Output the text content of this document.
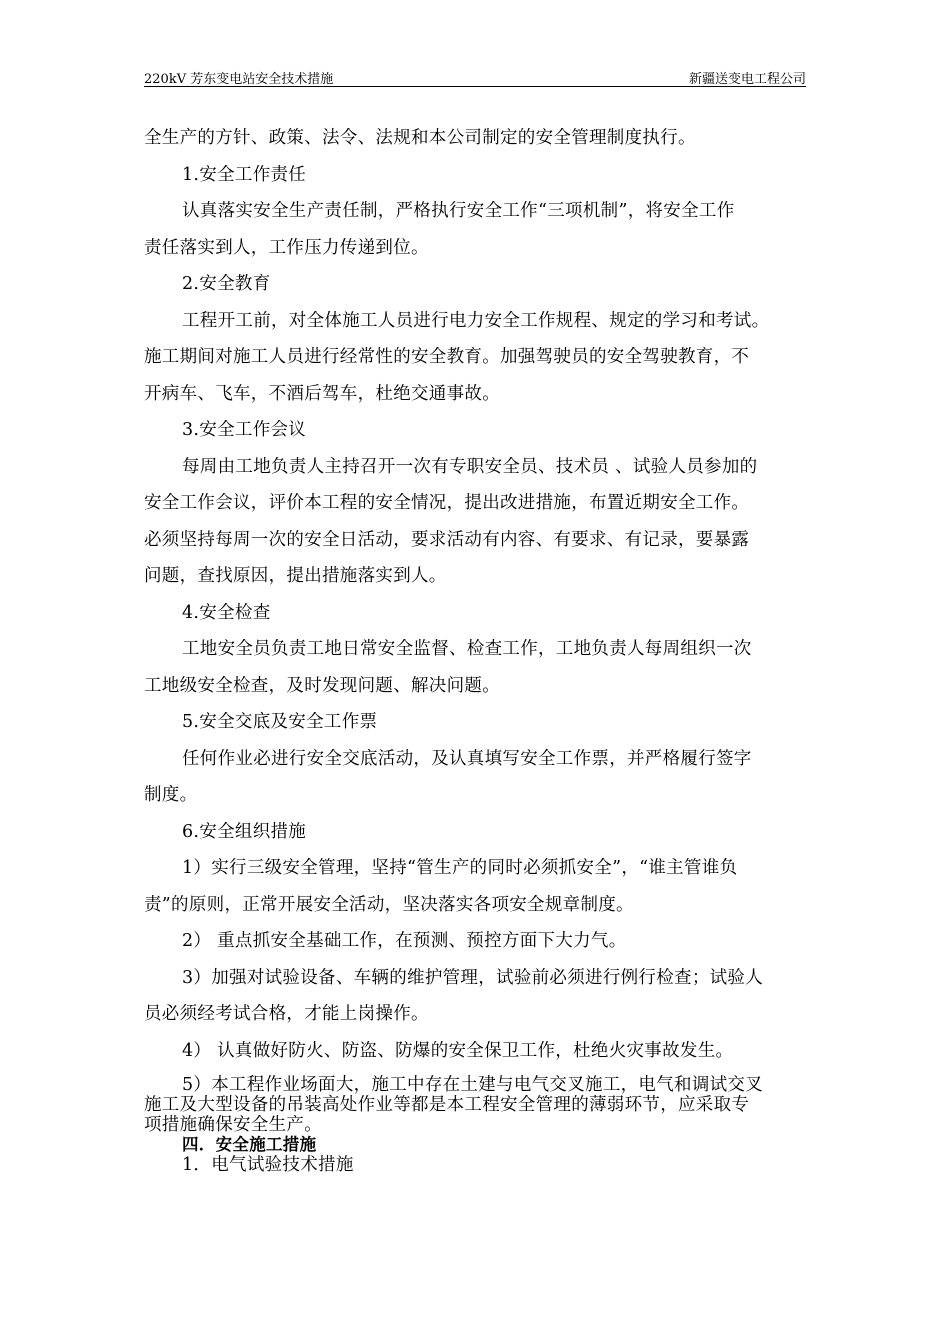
220kV 芳东变电站安全技术措施	新疆送变电工程公司
全生产的方针、政策、法令、法规和本公司制定的安全管理制度执行。
1.安全工作责任
认真落实安全生产责任制，严格执行安全工作“三项机制”，将安全工作
责任落实到人，工作压力传递到位。
2.安全教育
工程开工前，对全体施工人员进行电力安全工作规程、规定的学习和考试。
施工期间对施工人员进行经常性的安全教育。加强驾驶员的安全驾驶教育，不
开病车、飞车，不酒后驾车，杜绝交通事故。
3.安全工作会议
每周由工地负责人主持召开一次有专职安全员、技术员 、试验人员参加的
安全工作会议，评价本工程的安全情况，提出改进措施，布置近期安全工作。
必须坚持每周一次的安全日活动，要求活动有内容、有要求、有记录，要暴露
问题，查找原因，提出措施落实到人。
4.安全检查
工地安全员负责工地日常安全监督、检查工作，工地负责人每周组织一次
工地级安全检查，及时发现问题、解决问题。
5.安全交底及安全工作票
任何作业必进行安全交底活动，及认真填写安全工作票，并严格履行签字
制度。
6.安全组织措施
1）实行三级安全管理，坚持“管生产的同时必须抓安全”，“谁主管谁负
责”的原则，正常开展安全活动，坚决落实各项安全规章制度。
2） 重点抓安全基础工作，在预测、预控方面下大力气。
3）加强对试验设备、车辆的维护管理，试验前必须进行例行检查；试验人
员必须经考试合格，才能上岗操作。
4） 认真做好防火、防盗、防爆的安全保卫工作，杜绝火灾事故发生。
5）本工程作业场面大，施工中存在土建与电气交叉施工，电气和调试交叉
施工及大型设备的吊装高处作业等都是本工程安全管理的薄弱环节，应采取专
项措施确保安全生产。
四．安全施工措施
1．电气试验技术措施
